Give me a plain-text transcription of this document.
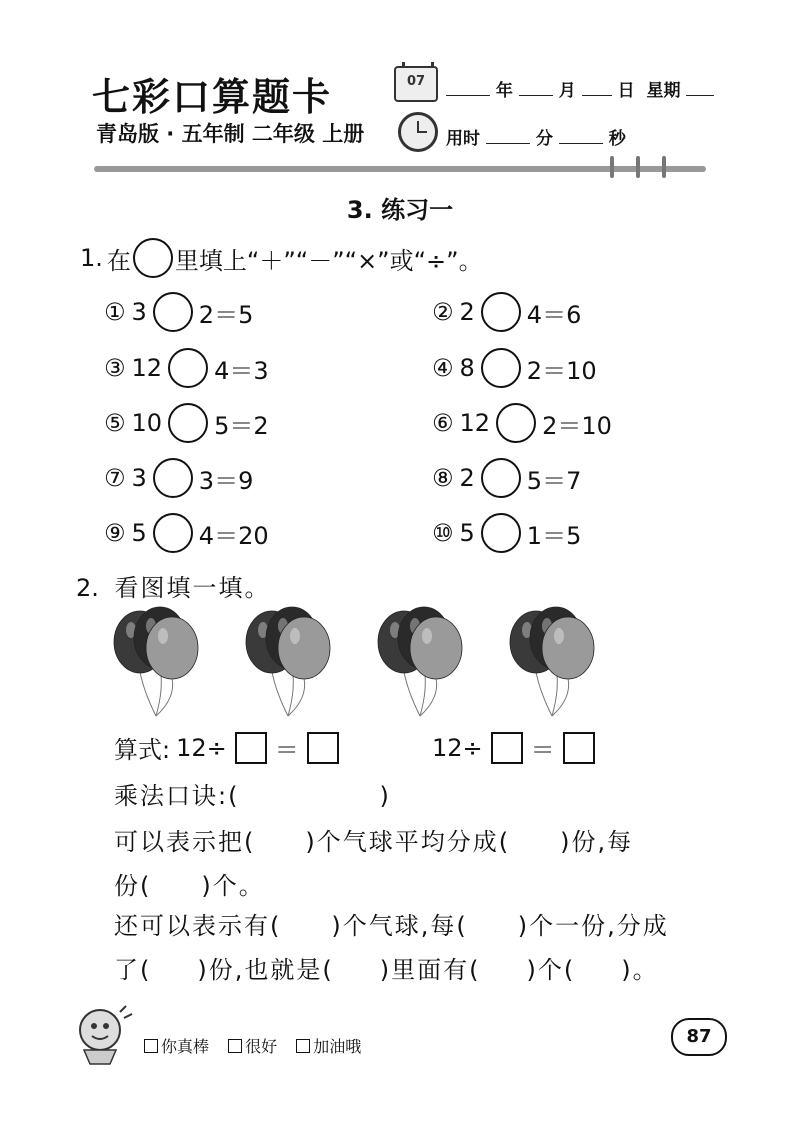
七彩口算题卡
青岛版 · 五年制 二年级 上册
07	年	月 日 星期
用时	分	秒
3. 练习一
1. 在 里填上“＋”“－”“×”或“÷”。
① 3 2＝5	② 2 4＝6
③ 12 4＝3	④ 8 2＝10
⑤ 10 5＝2	⑥ 12 2＝10
⑦ 3 3＝9	⑧ 2 5＝7
⑨ 5 4＝20	⑩ 5 1＝5
2. 看图填一填。
算式: 12÷ ＝	12÷ ＝
乘法口诀:(	)
可以表示把( )个气球平均分成( )份,每
份( )个。
还可以表示有( )个气球,每( )个一份,分成
了( )份,也就是( )里面有( )个( )。
你真棒
很好
加油哦	87
